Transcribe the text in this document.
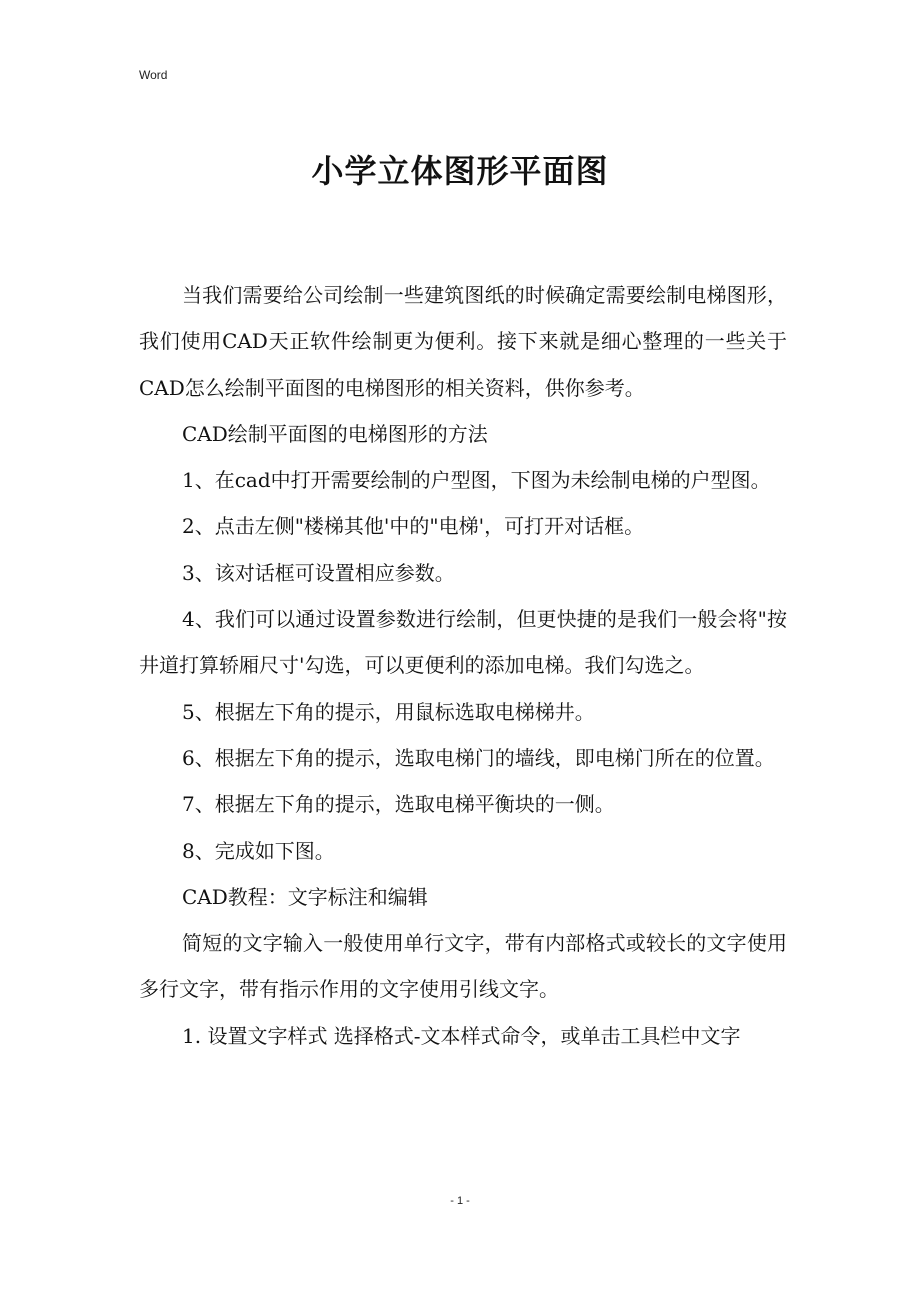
Word
小学立体图形平面图

当我们需要给公司绘制一些建筑图纸的时候确定需要绘制电梯图形，我们使用CAD天正软件绘制更为便利。接下来就是细心整理的一些关于CAD怎么绘制平面图的电梯图形的相关资料，供你参考。

CAD绘制平面图的电梯图形的方法

1、在cad中打开需要绘制的户型图，下图为未绘制电梯的户型图。

2、点击左侧"楼梯其他'中的"电梯'，可打开对话框。

3、该对话框可设置相应参数。

4、我们可以通过设置参数进行绘制，但更快捷的是我们一般会将"按井道打算轿厢尺寸'勾选，可以更便利的添加电梯。我们勾选之。

5、根据左下角的提示，用鼠标选取电梯梯井。

6、根据左下角的提示，选取电梯门的墙线，即电梯门所在的位置。

7、根据左下角的提示，选取电梯平衡块的一侧。

8、完成如下图。

CAD教程：文字标注和编辑

简短的文字输入一般使用单行文字，带有内部格式或较长的文字使用多行文字，带有指示作用的文字使用引线文字。

1. 设置文字样式 选择格式-文本样式命令，或单击工具栏中文字

- 1 -
